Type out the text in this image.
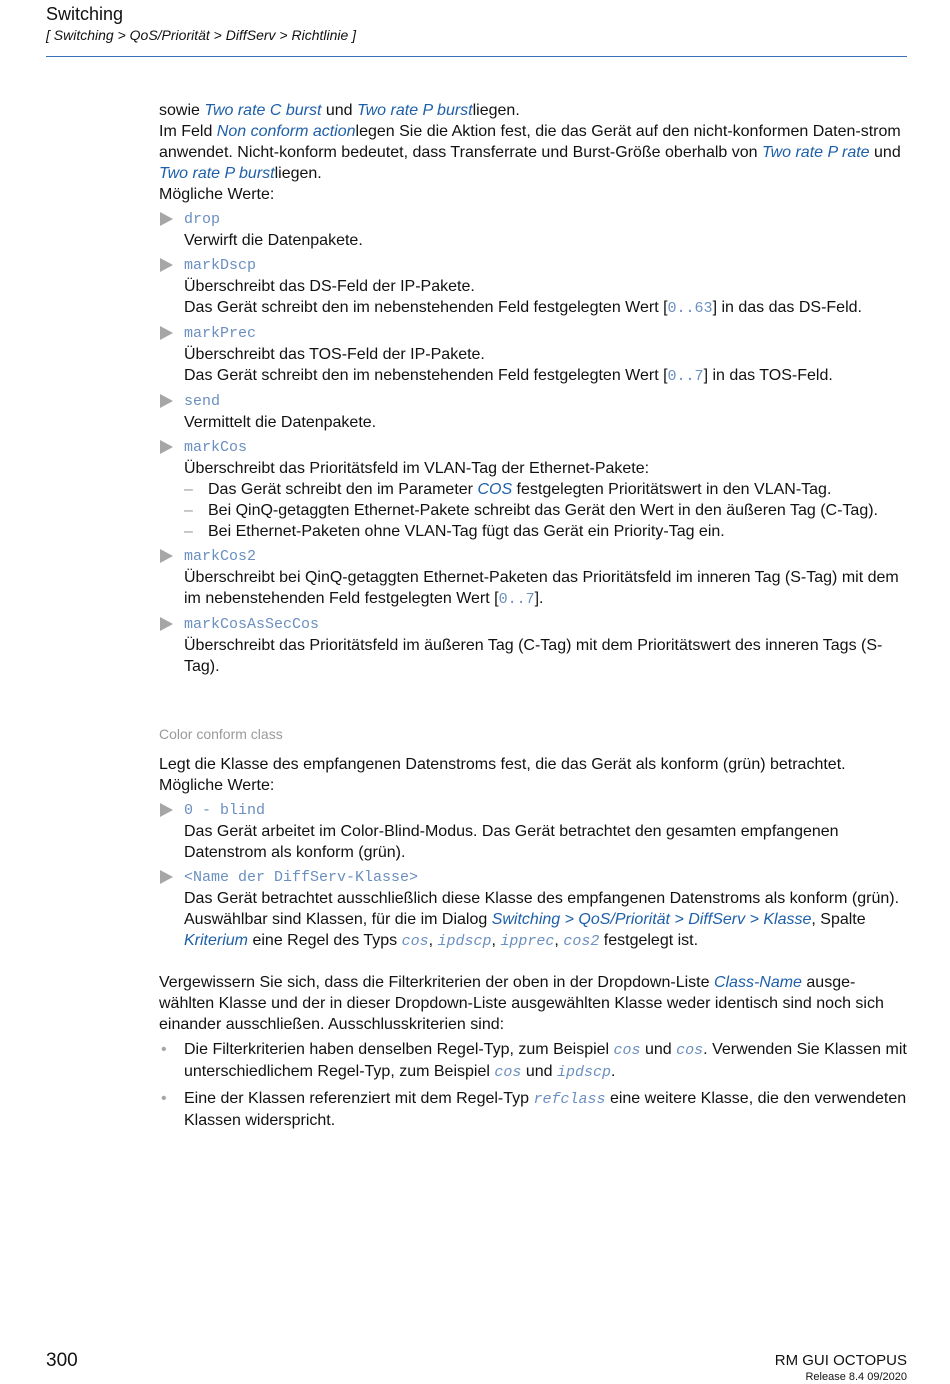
Switching
[ Switching > QoS/Priorität > DiffServ > Richtlinie ]

sowie Two rate C burst und Two rate P burstliegen.

Im Feld Non conform actionlegen Sie die Aktion fest, die das Gerät auf den nicht-konformen Daten-strom anwendet. Nicht-konform bedeutet, dass Transferrate und Burst-Größe oberhalb von Two rate P rate und Two rate P burstliegen.

Mögliche Werte:

drop
Verwirft die Datenpakete.
markDscp
Überschreibt das DS-Feld der IP-Pakete.
Das Gerät schreibt den im nebenstehenden Feld festgelegten Wert [0..63] in das das DS-Feld.
markPrec
Überschreibt das TOS-Feld der IP-Pakete.
Das Gerät schreibt den im nebenstehenden Feld festgelegten Wert [0..7] in das TOS-Feld.
send
Vermittelt die Datenpakete.
markCos
Überschreibt das Prioritätsfeld im VLAN-Tag der Ethernet-Pakete:
– Das Gerät schreibt den im Parameter COS festgelegten Prioritätswert in den VLAN-Tag.
– Bei QinQ-getaggten Ethernet-Pakete schreibt das Gerät den Wert in den äußeren Tag (C-Tag).
– Bei Ethernet-Paketen ohne VLAN-Tag fügt das Gerät ein Priority-Tag ein.
markCos2
Überschreibt bei QinQ-getaggten Ethernet-Paketen das Prioritätsfeld im inneren Tag (S-Tag) mit dem im nebenstehenden Feld festgelegten Wert [0..7].
markCosAsSecCos
Überschreibt das Prioritätsfeld im äußeren Tag (C-Tag) mit dem Prioritätswert des inneren Tags (S-Tag).
Color conform class

Legt die Klasse des empfangenen Datenstroms fest, die das Gerät als konform (grün) betrachtet.

Mögliche Werte:

0 - blind
Das Gerät arbeitet im Color-Blind-Modus. Das Gerät betrachtet den gesamten empfangenen Datenstrom als konform (grün).
<Name der DiffServ-Klasse>
Das Gerät betrachtet ausschließlich diese Klasse des empfangenen Datenstroms als konform (grün).
Auswählbar sind Klassen, für die im Dialog Switching > QoS/Priorität > DiffServ > Klasse, Spalte Kriterium eine Regel des Typs cos, ipdscp, ipprec, cos2 festgelegt ist.

Vergewissern Sie sich, dass die Filterkriterien der oben in der Dropdown-Liste Class-Name ausge-wählten Klasse und der in dieser Dropdown-Liste ausgewählten Klasse weder identisch sind noch sich einander ausschließen. Ausschlusskriterien sind:

• Die Filterkriterien haben denselben Regel-Typ, zum Beispiel cos und cos. Verwenden Sie Klassen mit unterschiedlichem Regel-Typ, zum Beispiel cos und ipdscp.
• Eine der Klassen referenziert mit dem Regel-Typ refclass eine weitere Klasse, die den verwendeten Klassen widerspricht.
300	RM GUI OCTOPUS
Release 8.4 09/2020
